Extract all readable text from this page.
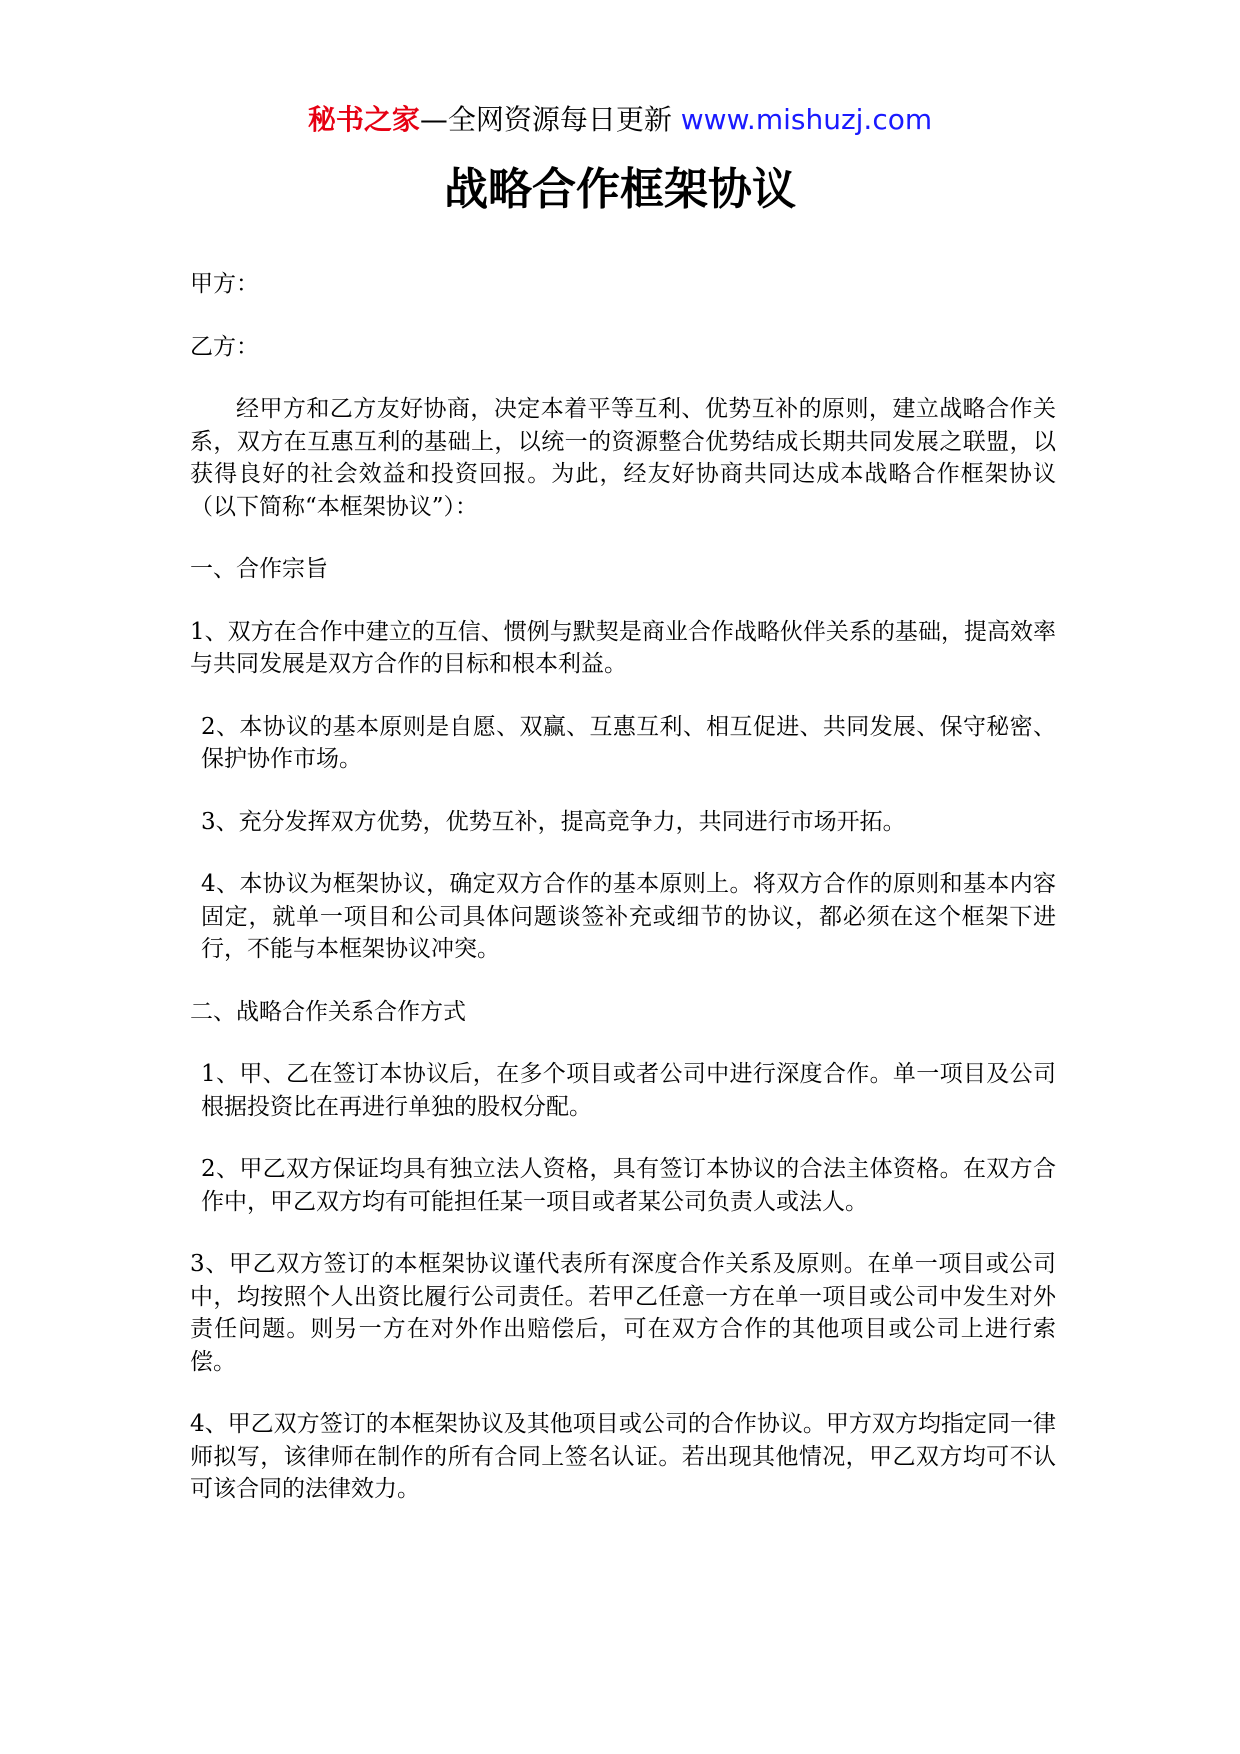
秘书之家—全网资源每日更新 www.mishuzj.com
战略合作框架协议

甲方：

乙方：

经甲方和乙方友好协商，决定本着平等互利、优势互补的原则，建立战略合作关系，双方在互惠互利的基础上，以统一的资源整合优势结成长期共同发展之联盟，以获得良好的社会效益和投资回报。为此，经友好协商共同达成本战略合作框架协议（以下简称“本框架协议”）：

一、合作宗旨

1、双方在合作中建立的互信、惯例与默契是商业合作战略伙伴关系的基础，提高效率与共同发展是双方合作的目标和根本利益。

2、本协议的基本原则是自愿、双赢、互惠互利、相互促进、共同发展、保守秘密、保护协作市场。

3、充分发挥双方优势，优势互补，提高竞争力，共同进行市场开拓。

4、本协议为框架协议，确定双方合作的基本原则上。将双方合作的原则和基本内容固定，就单一项目和公司具体问题谈签补充或细节的协议，都必须在这个框架下进行，不能与本框架协议冲突。

二、战略合作关系合作方式

1、甲、乙在签订本协议后，在多个项目或者公司中进行深度合作。单一项目及公司根据投资比在再进行单独的股权分配。

2、甲乙双方保证均具有独立法人资格，具有签订本协议的合法主体资格。在双方合作中，甲乙双方均有可能担任某一项目或者某公司负责人或法人。

3、甲乙双方签订的本框架协议谨代表所有深度合作关系及原则。在单一项目或公司中，均按照个人出资比履行公司责任。若甲乙任意一方在单一项目或公司中发生对外责任问题。则另一方在对外作出赔偿后，可在双方合作的其他项目或公司上进行索偿。

4、甲乙双方签订的本框架协议及其他项目或公司的合作协议。甲方双方均指定同一律师拟写，该律师在制作的所有合同上签名认证。若出现其他情况，甲乙双方均可不认可该合同的法律效力。
